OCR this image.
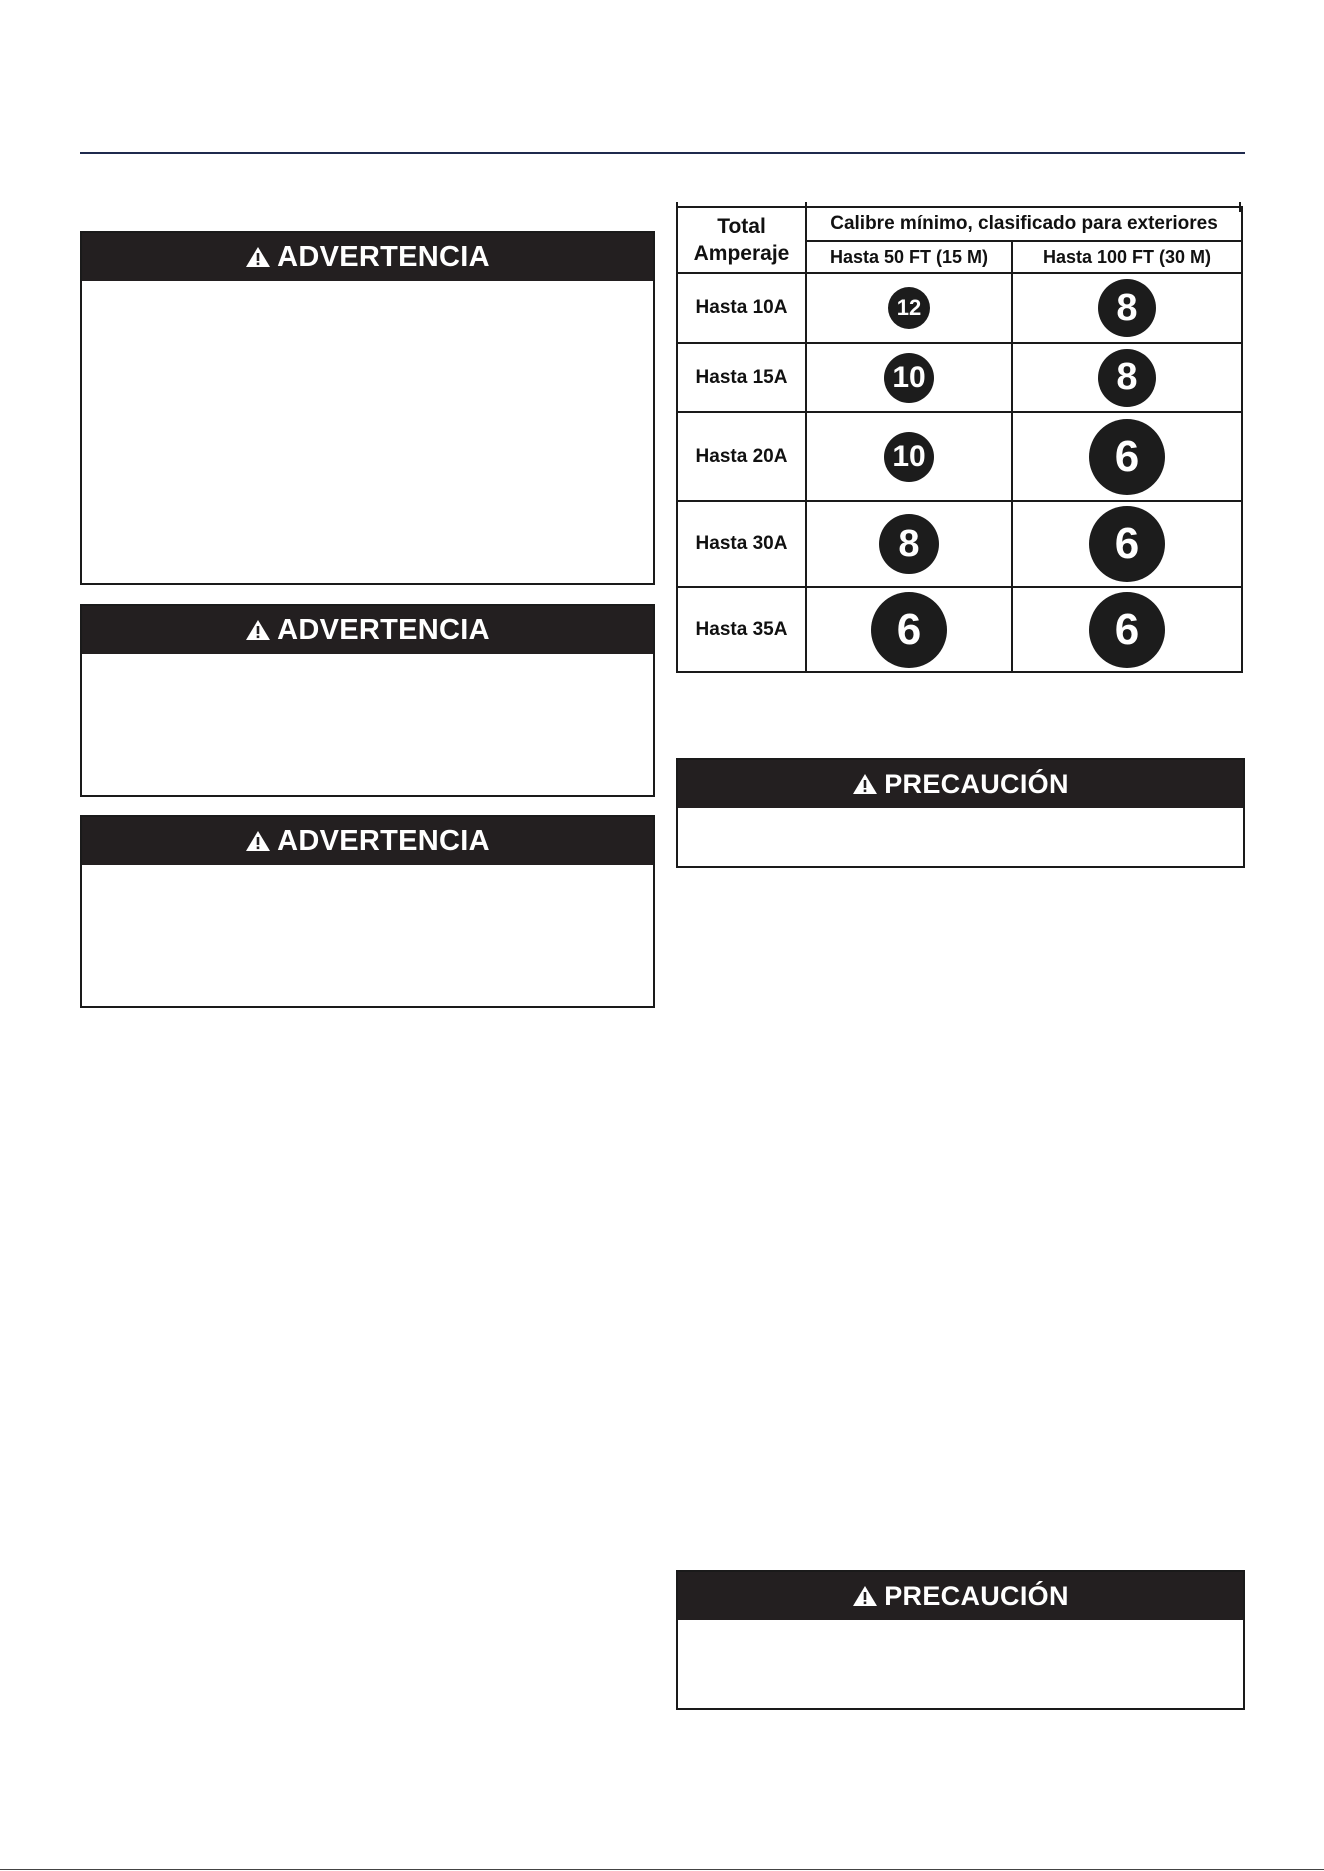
ADVERTENCIA
ADVERTENCIA
ADVERTENCIA
Total Amperaje	Calibre mínimo, clasificado para exteriores	
	Hasta 50 FT (15 M)	Hasta 100 FT (30 M)
Hasta 10A	12	8
Hasta 15A	10	8
Hasta 20A	10	6
Hasta 30A	8	6
Hasta 35A	6	6
PRECAUCIÓN
PRECAUCIÓN
